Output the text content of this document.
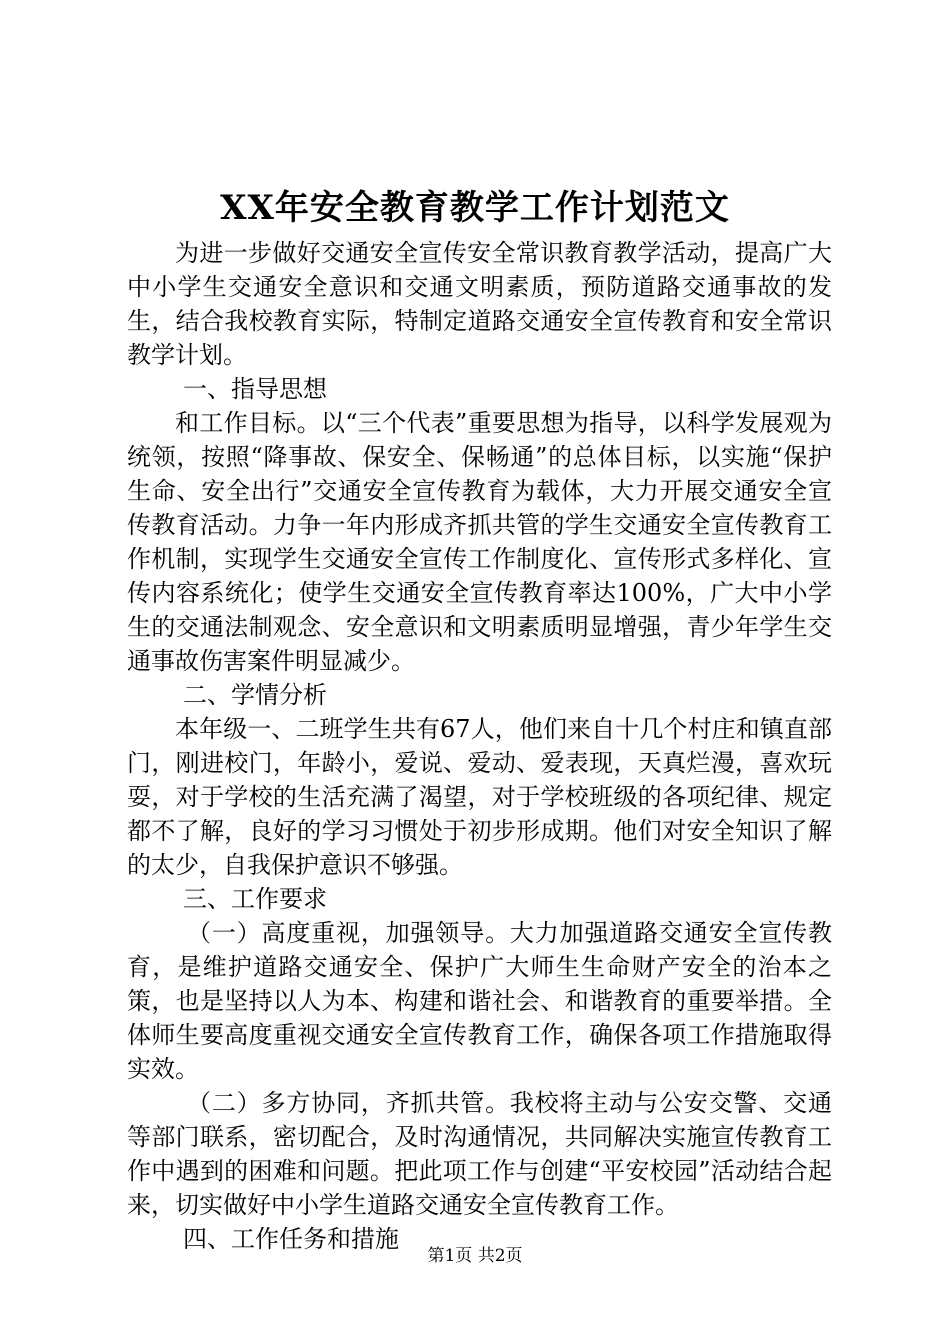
XX年安全教育教学工作计划范文

为进一步做好交通安全宣传安全常识教育教学活动，提高广大中小学生交通安全意识和交通文明素质，预防道路交通事故的发生，结合我校教育实际，特制定道路交通安全宣传教育和安全常识教学计划。

一、指导思想

和工作目标。以“三个代表”重要思想为指导，以科学发展观为统领，按照“降事故、保安全、保畅通”的总体目标，以实施“保护生命、安全出行”交通安全宣传教育为载体，大力开展交通安全宣传教育活动。力争一年内形成齐抓共管的学生交通安全宣传教育工作机制，实现学生交通安全宣传工作制度化、宣传形式多样化、宣传内容系统化；使学生交通安全宣传教育率达100%，广大中小学生的交通法制观念、安全意识和文明素质明显增强，青少年学生交通事故伤害案件明显减少。

二、学情分析

本年级一、二班学生共有67人，他们来自十几个村庄和镇直部门，刚进校门，年龄小，爱说、爱动、爱表现，天真烂漫，喜欢玩耍，对于学校的生活充满了渴望，对于学校班级的各项纪律、规定都不了解，良好的学习习惯处于初步形成期。他们对安全知识了解的太少，自我保护意识不够强。

三、工作要求

（一）高度重视，加强领导。大力加强道路交通安全宣传教育，是维护道路交通安全、保护广大师生生命财产安全的治本之策，也是坚持以人为本、构建和谐社会、和谐教育的重要举措。全体师生要高度重视交通安全宣传教育工作，确保各项工作措施取得实效。

（二）多方协同，齐抓共管。我校将主动与公安交警、交通等部门联系，密切配合，及时沟通情况，共同解决实施宣传教育工作中遇到的困难和问题。把此项工作与创建“平安校园”活动结合起来，切实做好中小学生道路交通安全宣传教育工作。

四、工作任务和措施

第1页 共2页
